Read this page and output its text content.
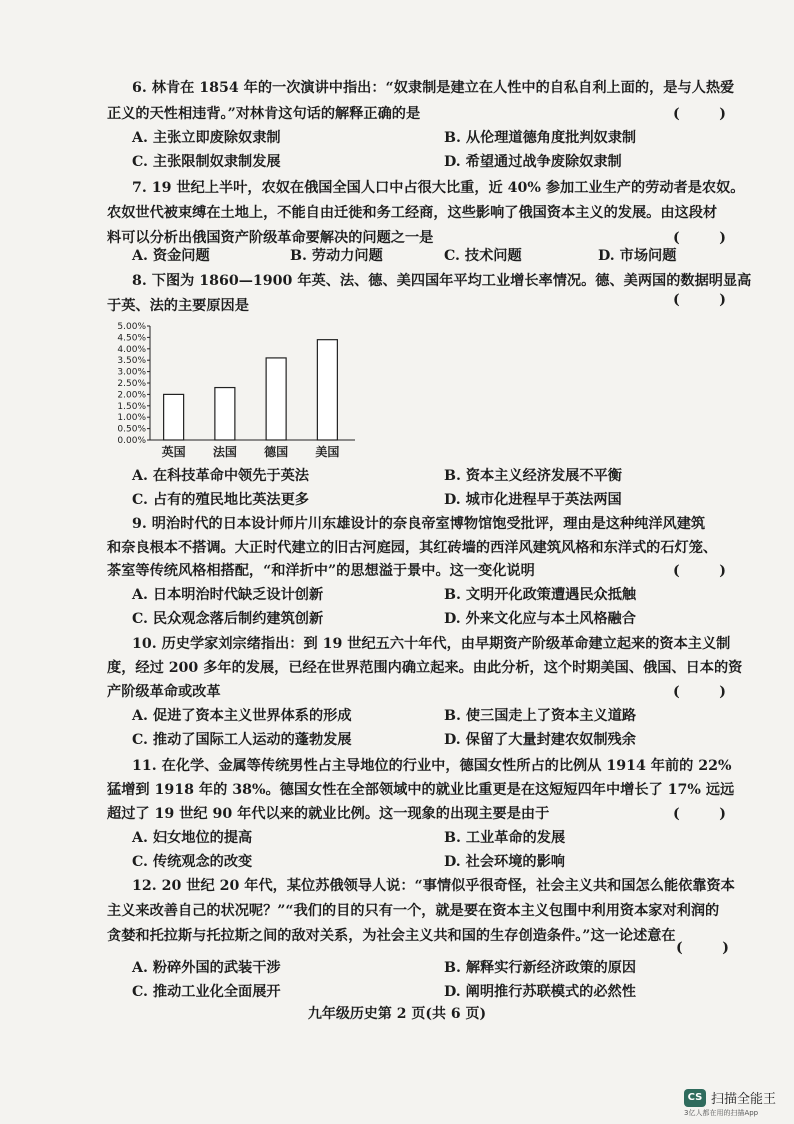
6. 林肯在 1854 年的一次演讲中指出：“奴隶制是建立在人性中的自私自利上面的，是与人热爱
正义的天性相违背。”对林肯这句话的解释正确的是	(        )
A. 主张立即废除奴隶制	B. 从伦理道德角度批判奴隶制
C. 主张限制奴隶制发展	D. 希望通过战争废除奴隶制
7. 19 世纪上半叶，农奴在俄国全国人口中占很大比重，近 40% 参加工业生产的劳动者是农奴。
农奴世代被束缚在土地上，不能自由迁徙和务工经商，这些影响了俄国资本主义的发展。由这段材
料可以分析出俄国资产阶级革命要解决的问题之一是	(        )
A. 资金问题	B. 劳动力问题	C. 技术问题	D. 市场问题
8. 下图为 1860—1900 年英、法、德、美四国年平均工业增长率情况。德、美两国的数据明显高
于英、法的主要原因是	(        )
0.00%
0.50%
1.00%
1.50%
2.00%
2.50%
3.00%
3.50%
4.00%
4.50%
5.00%
英国 法国 德国 美国
A. 在科技革命中领先于英法	B. 资本主义经济发展不平衡
C. 占有的殖民地比英法更多	D. 城市化进程早于英法两国
9. 明治时代的日本设计师片川东雄设计的奈良帝室博物馆饱受批评，理由是这种纯洋风建筑
和奈良根本不搭调。大正时代建立的旧古河庭园，其红砖墙的西洋风建筑风格和东洋式的石灯笼、
茶室等传统风格相搭配，“和洋折中”的思想溢于景中。这一变化说明	(        )
A. 日本明治时代缺乏设计创新	B. 文明开化政策遭遇民众抵触
C. 民众观念落后制约建筑创新	D. 外来文化应与本土风格融合
10. 历史学家刘宗绪指出：到 19 世纪五六十年代，由早期资产阶级革命建立起来的资本主义制
度，经过 200 多年的发展，已经在世界范围内确立起来。由此分析，这个时期美国、俄国、日本的资
产阶级革命或改革	(        )
A. 促进了资本主义世界体系的形成	B. 使三国走上了资本主义道路
C. 推动了国际工人运动的蓬勃发展	D. 保留了大量封建农奴制残余
11. 在化学、金属等传统男性占主导地位的行业中，德国女性所占的比例从 1914 年前的 22%
猛增到 1918 年的 38%。德国女性在全部领域中的就业比重更是在这短短四年中增长了 17% 远远
超过了 19 世纪 90 年代以来的就业比例。这一现象的出现主要是由于	(        )
A. 妇女地位的提高	B. 工业革命的发展
C. 传统观念的改变	D. 社会环境的影响
12. 20 世纪 20 年代，某位苏俄领导人说：“事情似乎很奇怪，社会主义共和国怎么能依靠资本
主义来改善自己的状况呢？”“我们的目的只有一个，就是要在资本主义包围中利用资本家对利润的
贪婪和托拉斯与托拉斯之间的敌对关系，为社会主义共和国的生存创造条件。”这一论述意在
(        )
A. 粉碎外国的武装干涉	B. 解释实行新经济政策的原因
C. 推动工业化全面展开	D. 阐明推行苏联模式的必然性
九年级历史第 2 页(共 6 页)
CS 扫描全能王
3亿人都在用的扫描App
